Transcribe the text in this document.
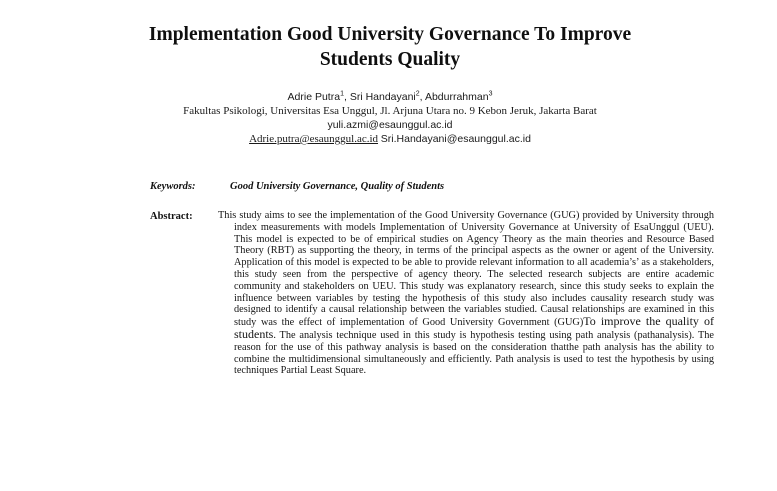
Implementation Good University Governance To Improve Students Quality
Adrie Putra$^1$, Sri Handayani$^2$, Abdurrahman$^3$
Fakultas Psikologi, Universitas Esa Unggul, Jl. Arjuna Utara no. 9 Kebon Jeruk, Jakarta Barat
yuli.azmi@esaunggul.ac.id
Adrie.putra@esaunggul.ac.id Sri.Handayani@esaunggul.ac.id
Keywords:	Good University Governance, Quality of Students
Abstract: This study aims to see the implementation of the Good University Governance (GUG) provided by University through index measurements with models Implementation of University Governance at University of EsaUnggul (UEU). This model is expected to be of empirical studies on Agency Theory as the main theories and Resource Based Theory (RBT) as supporting the theory, in terms of the principal aspects as the owner or agent of the University. Application of this model is expected to be able to provide relevant information to all academia’s’ as a stakeholders, this study seen from the perspective of agency theory. The selected research subjects are entire academic community and stakeholders on UEU. This study was explanatory research, since this study seeks to explain the influence between variables by testing the hypothesis of this study also includes causality research study was designed to identify a causal relationship between the variables studied. Causal relationships are examined in this study was the effect of implementation of Good University Government (GUG)To improve the quality of students. The analysis technique used in this study is hypothesis testing using path analysis (pathanalysis). The reason for the use of this pathway analysis is based on the consideration thatthe path analysis has the ability to combine the multidimensional simultaneously and efficiently. Path analysis is used to test the hypothesis by using techniques Partial Least Square.
